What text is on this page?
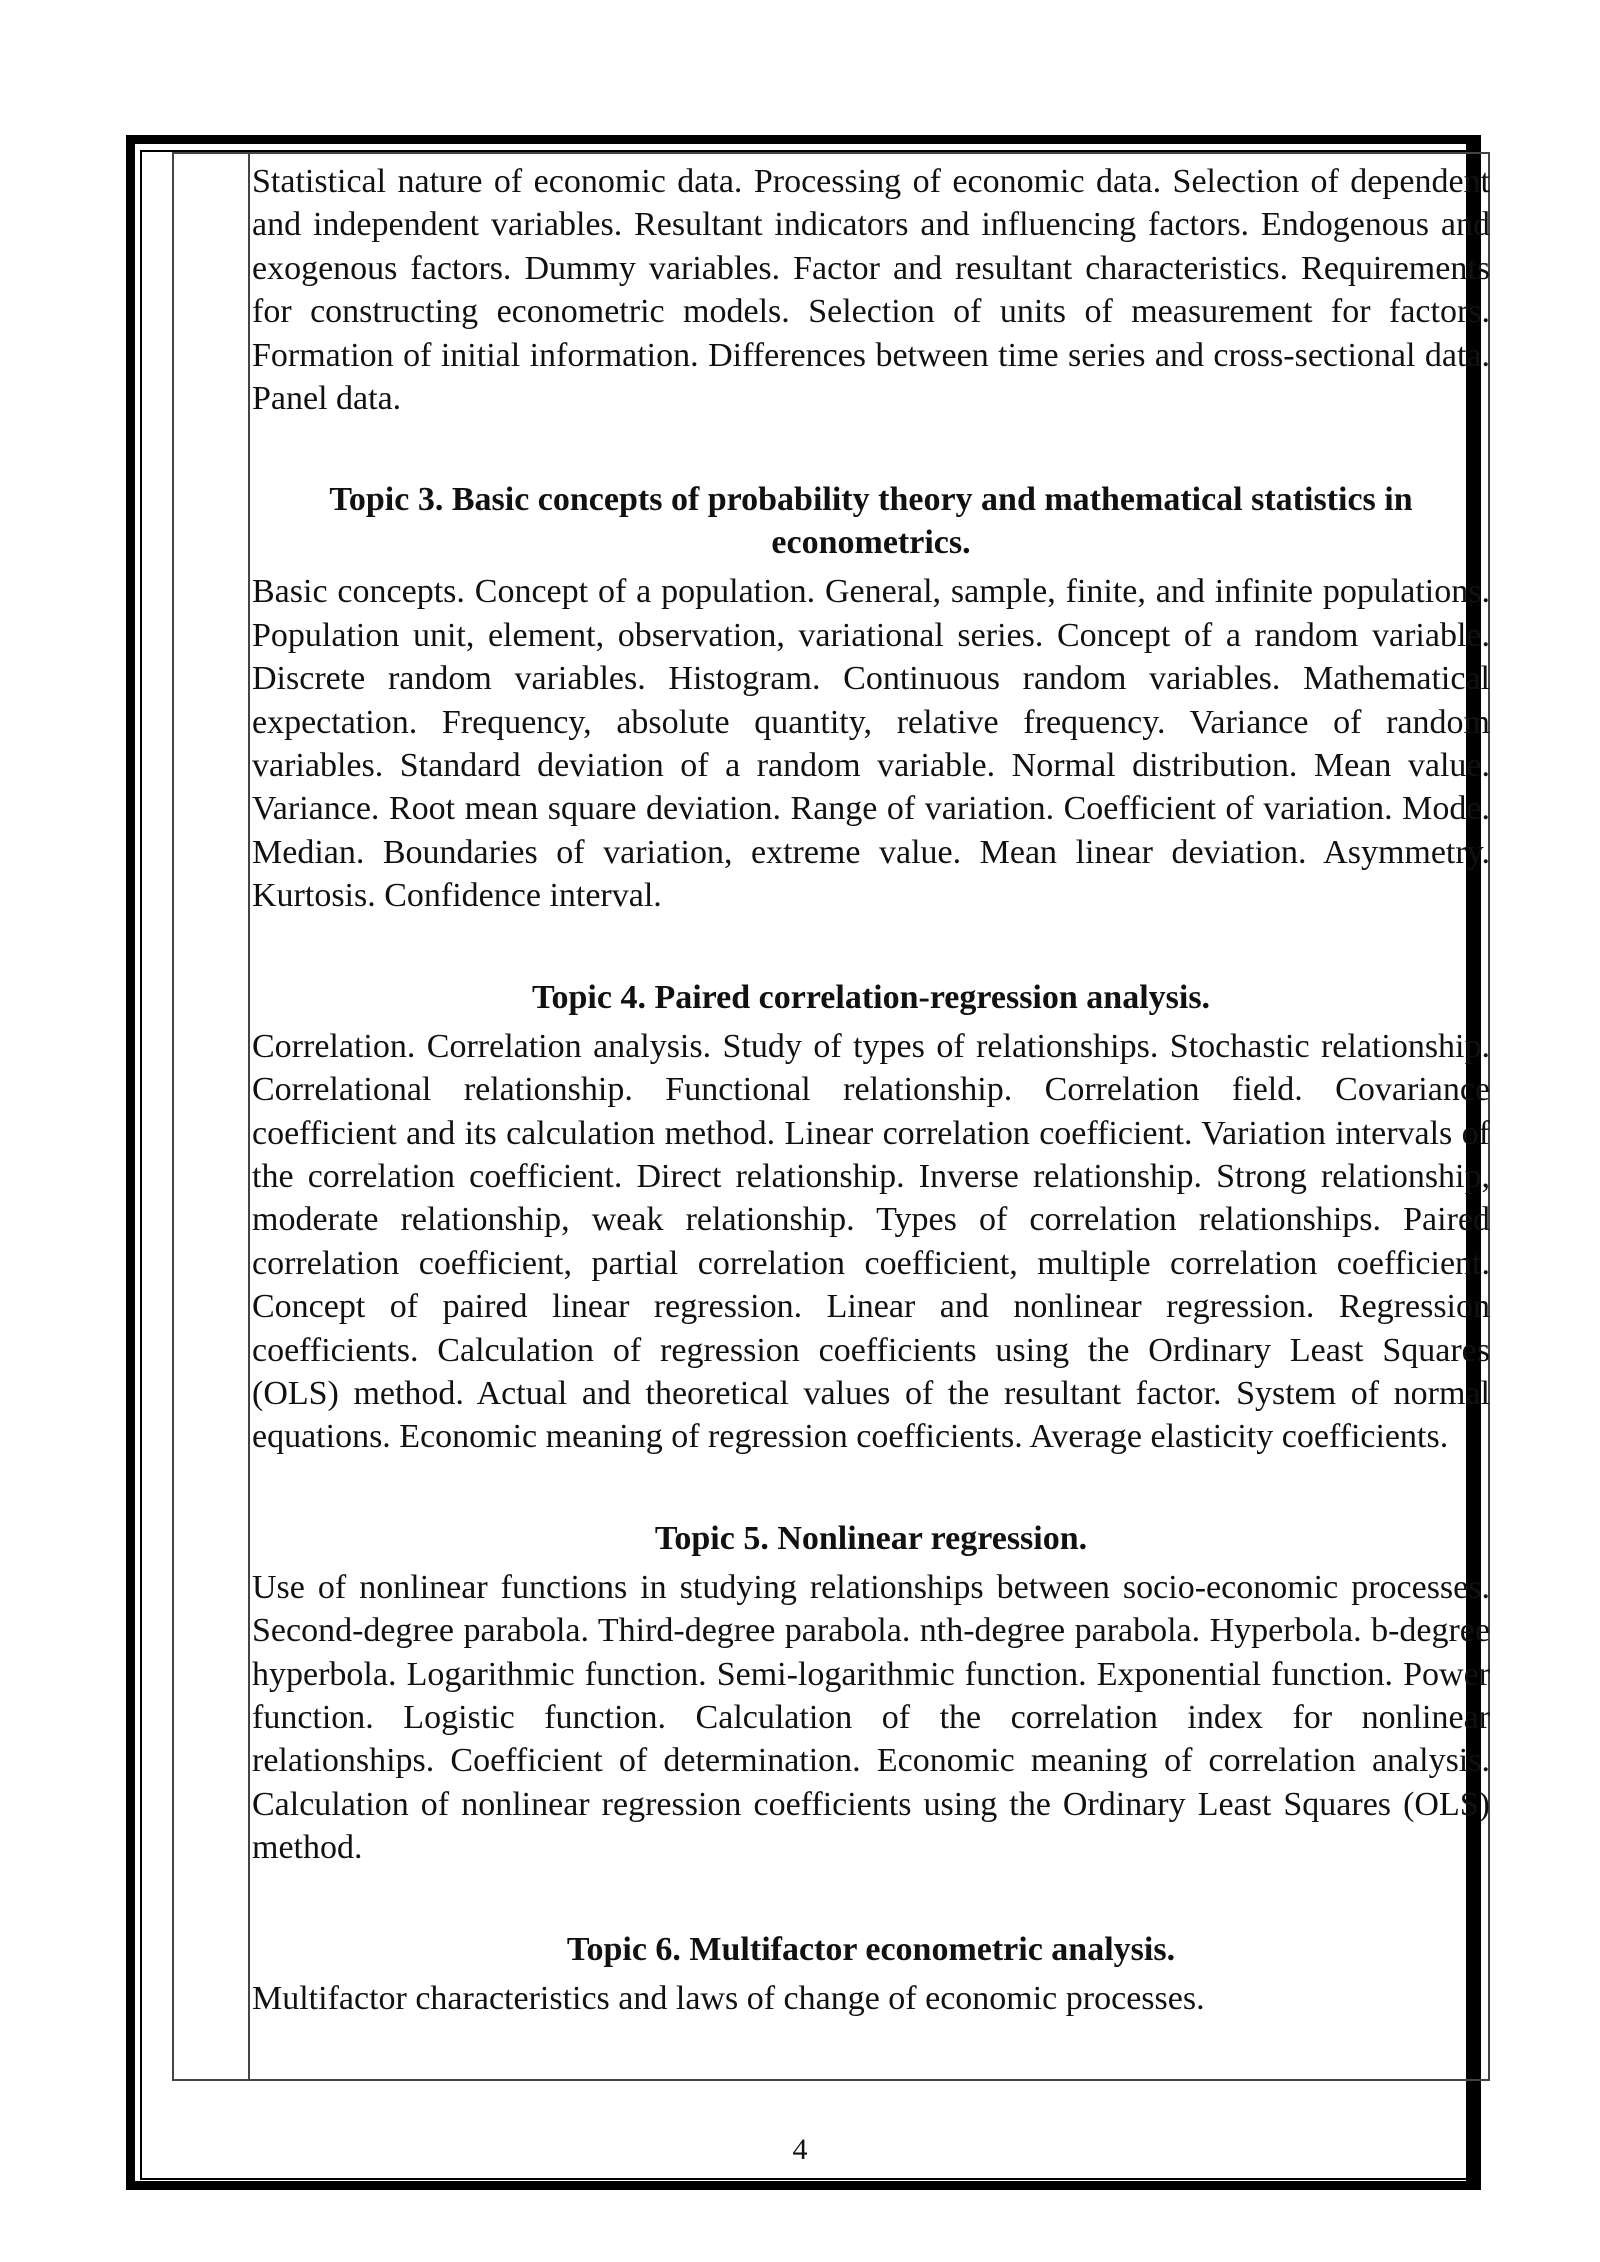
Statistical nature of economic data. Processing of economic data. Selection of dependent and independent variables. Resultant indicators and influencing factors. Endogenous and exogenous factors. Dummy variables. Factor and resultant characteristics. Requirements for constructing econometric models. Selection of units of measurement for factors. Formation of initial information. Differences between time series and cross-sectional data. Panel data.

Topic 3. Basic concepts of probability theory and mathematical statistics in econometrics.

Basic concepts. Concept of a population. General, sample, finite, and infinite populations. Population unit, element, observation, variational series. Concept of a random variable. Discrete random variables. Histogram. Continuous random variables. Mathematical expectation. Frequency, absolute quantity, relative frequency. Variance of random variables. Standard deviation of a random variable. Normal distribution. Mean value. Variance. Root mean square deviation. Range of variation. Coefficient of variation. Mode. Median. Boundaries of variation, extreme value. Mean linear deviation. Asymmetry. Kurtosis. Confidence interval.

Topic 4. Paired correlation-regression analysis.

Correlation. Correlation analysis. Study of types of relationships. Stochastic relationship. Correlational relationship. Functional relationship. Correlation field. Covariance coefficient and its calculation method. Linear correlation coefficient. Variation intervals of the correlation coefficient. Direct relationship. Inverse relationship. Strong relationship, moderate relationship, weak relationship. Types of correlation relationships. Paired correlation coefficient, partial correlation coefficient, multiple correlation coefficient. Concept of paired linear regression. Linear and nonlinear regression. Regression coefficients. Calculation of regression coefficients using the Ordinary Least Squares (OLS) method. Actual and theoretical values of the resultant factor. System of normal equations. Economic meaning of regression coefficients. Average elasticity coefficients.

Topic 5. Nonlinear regression.

Use of nonlinear functions in studying relationships between socio-economic processes. Second-degree parabola. Third-degree parabola. nth-degree parabola. Hyperbola. b-degree hyperbola. Logarithmic function. Semi-logarithmic function. Exponential function. Power function. Logistic function. Calculation of the correlation index for nonlinear relationships. Coefficient of determination. Economic meaning of correlation analysis. Calculation of nonlinear regression coefficients using the Ordinary Least Squares (OLS) method.

Topic 6. Multifactor econometric analysis.

Multifactor characteristics and laws of change of economic processes.

4
